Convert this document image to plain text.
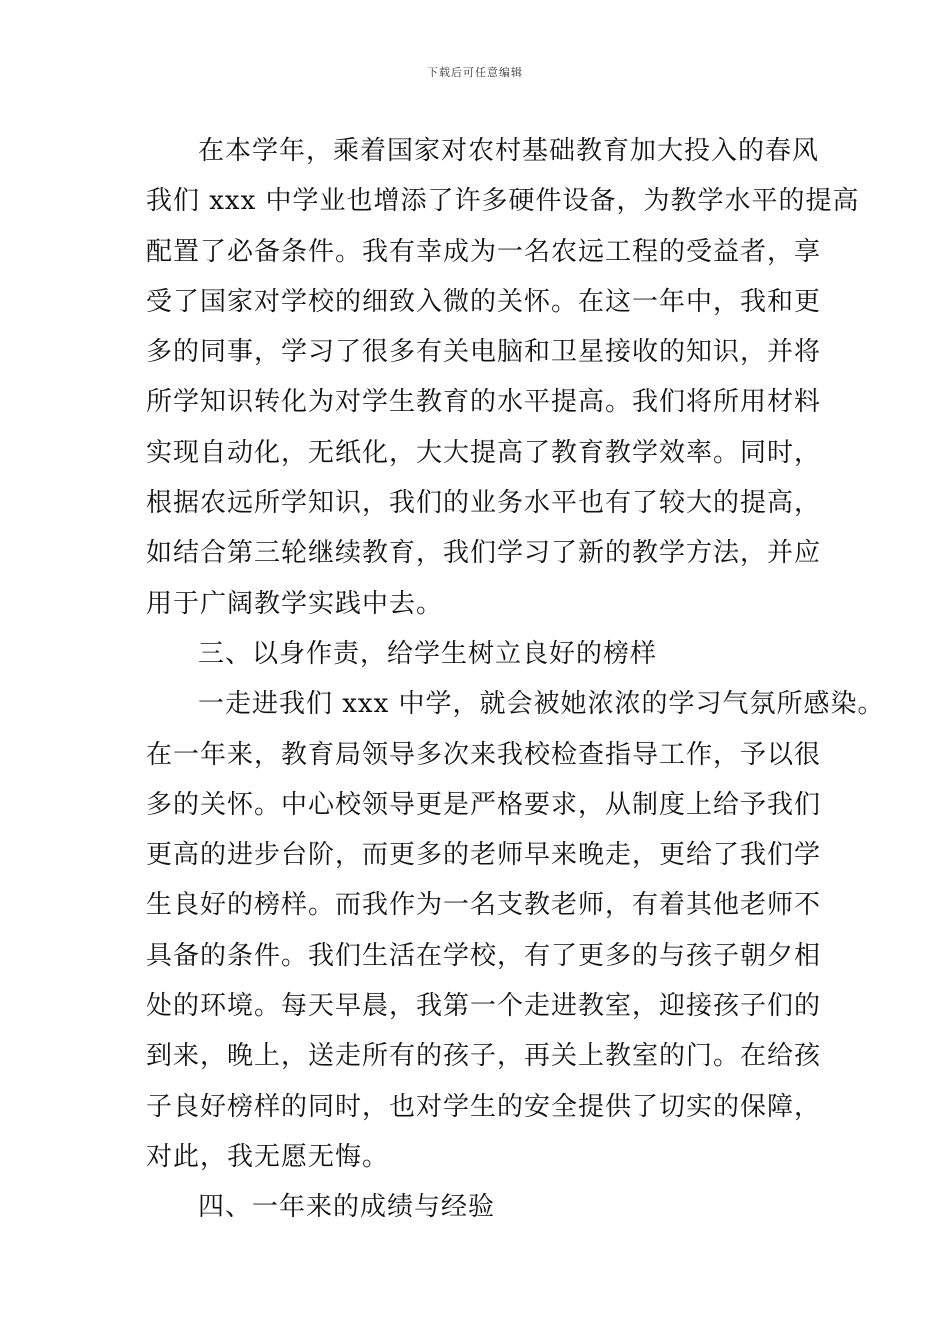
下载后可任意编辑
在本学年，乘着国家对农村基础教育加大投入的春风
我们 xxx 中学业也增添了许多硬件设备，为教学水平的提高
配置了必备条件。我有幸成为一名农远工程的受益者，享
受了国家对学校的细致入微的关怀。在这一年中，我和更
多的同事，学习了很多有关电脑和卫星接收的知识，并将
所学知识转化为对学生教育的水平提高。我们将所用材料
实现自动化，无纸化，大大提高了教育教学效率。同时，
根据农远所学知识，我们的业务水平也有了较大的提高，
如结合第三轮继续教育，我们学习了新的教学方法，并应
用于广阔教学实践中去。
三、以身作责，给学生树立良好的榜样
一走进我们 xxx 中学，就会被她浓浓的学习气氛所感染。
在一年来，教育局领导多次来我校检查指导工作，予以很
多的关怀。中心校领导更是严格要求，从制度上给予我们
更高的进步台阶，而更多的老师早来晚走，更给了我们学
生良好的榜样。而我作为一名支教老师，有着其他老师不
具备的条件。我们生活在学校，有了更多的与孩子朝夕相
处的环境。每天早晨，我第一个走进教室，迎接孩子们的
到来，晚上，送走所有的孩子，再关上教室的门。在给孩
子良好榜样的同时，也对学生的安全提供了切实的保障，
对此，我无愿无悔。
四、一年来的成绩与经验
